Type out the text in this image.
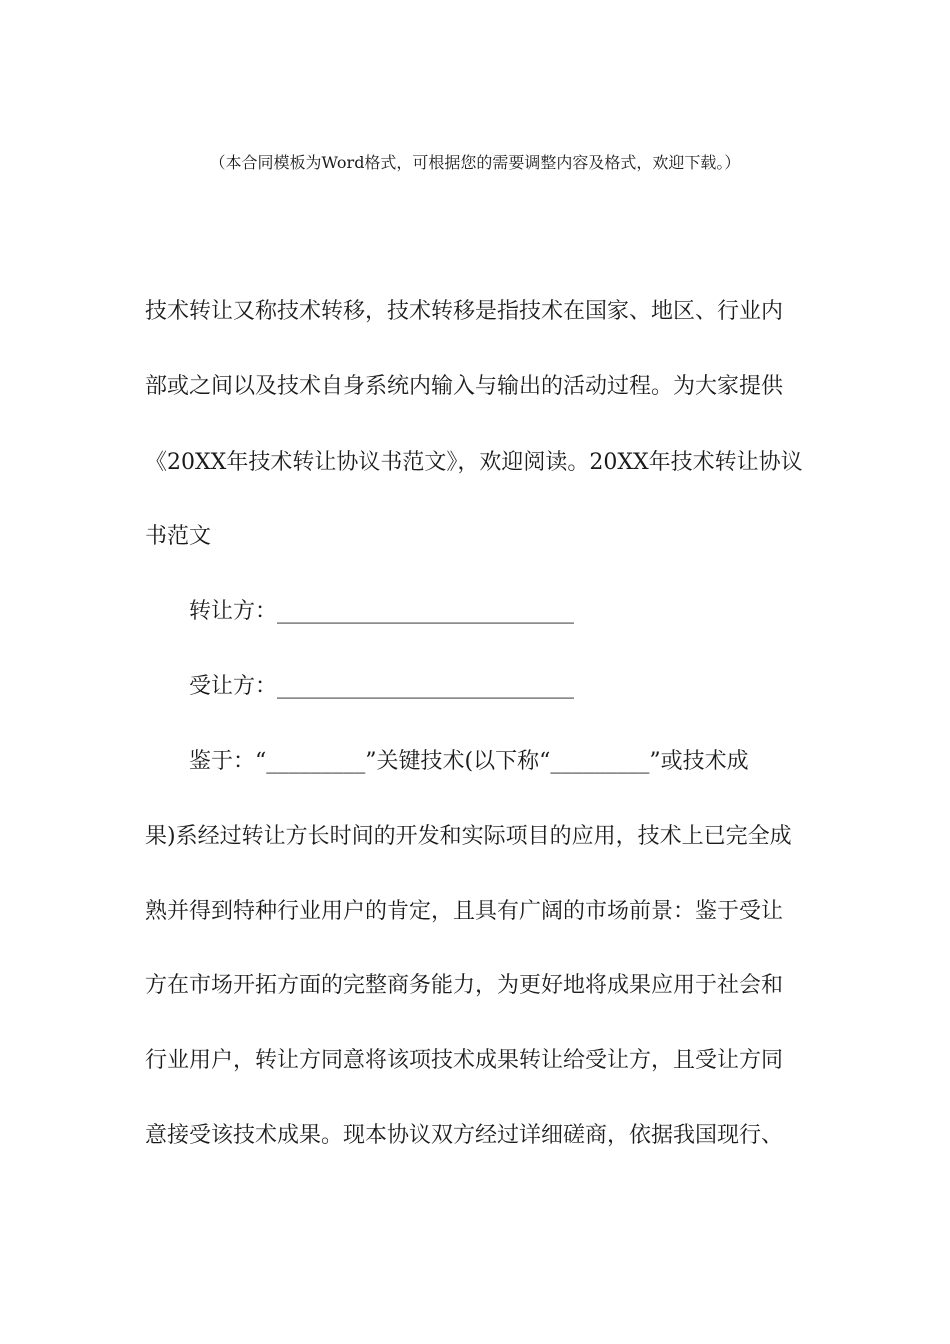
（本合同模板为Word格式，可根据您的需要调整内容及格式，欢迎下载。）
技术转让又称技术转移，技术转移是指技术在国家、地区、行业内
部或之间以及技术自身系统内输入与输出的活动过程。为大家提供
《20XX年技术转让协议书范文》，欢迎阅读。20XX年技术转让协议
书范文
转让方：___________________________
受让方：___________________________
鉴于：“_________”关键技术(以下称“_________”或技术成
果)系经过转让方长时间的开发和实际项目的应用，技术上已完全成
熟并得到特种行业用户的肯定，且具有广阔的市场前景：鉴于受让
方在市场开拓方面的完整商务能力，为更好地将成果应用于社会和
行业用户，转让方同意将该项技术成果转让给受让方，且受让方同
意接受该技术成果。现本协议双方经过详细磋商，依据我国现行、
